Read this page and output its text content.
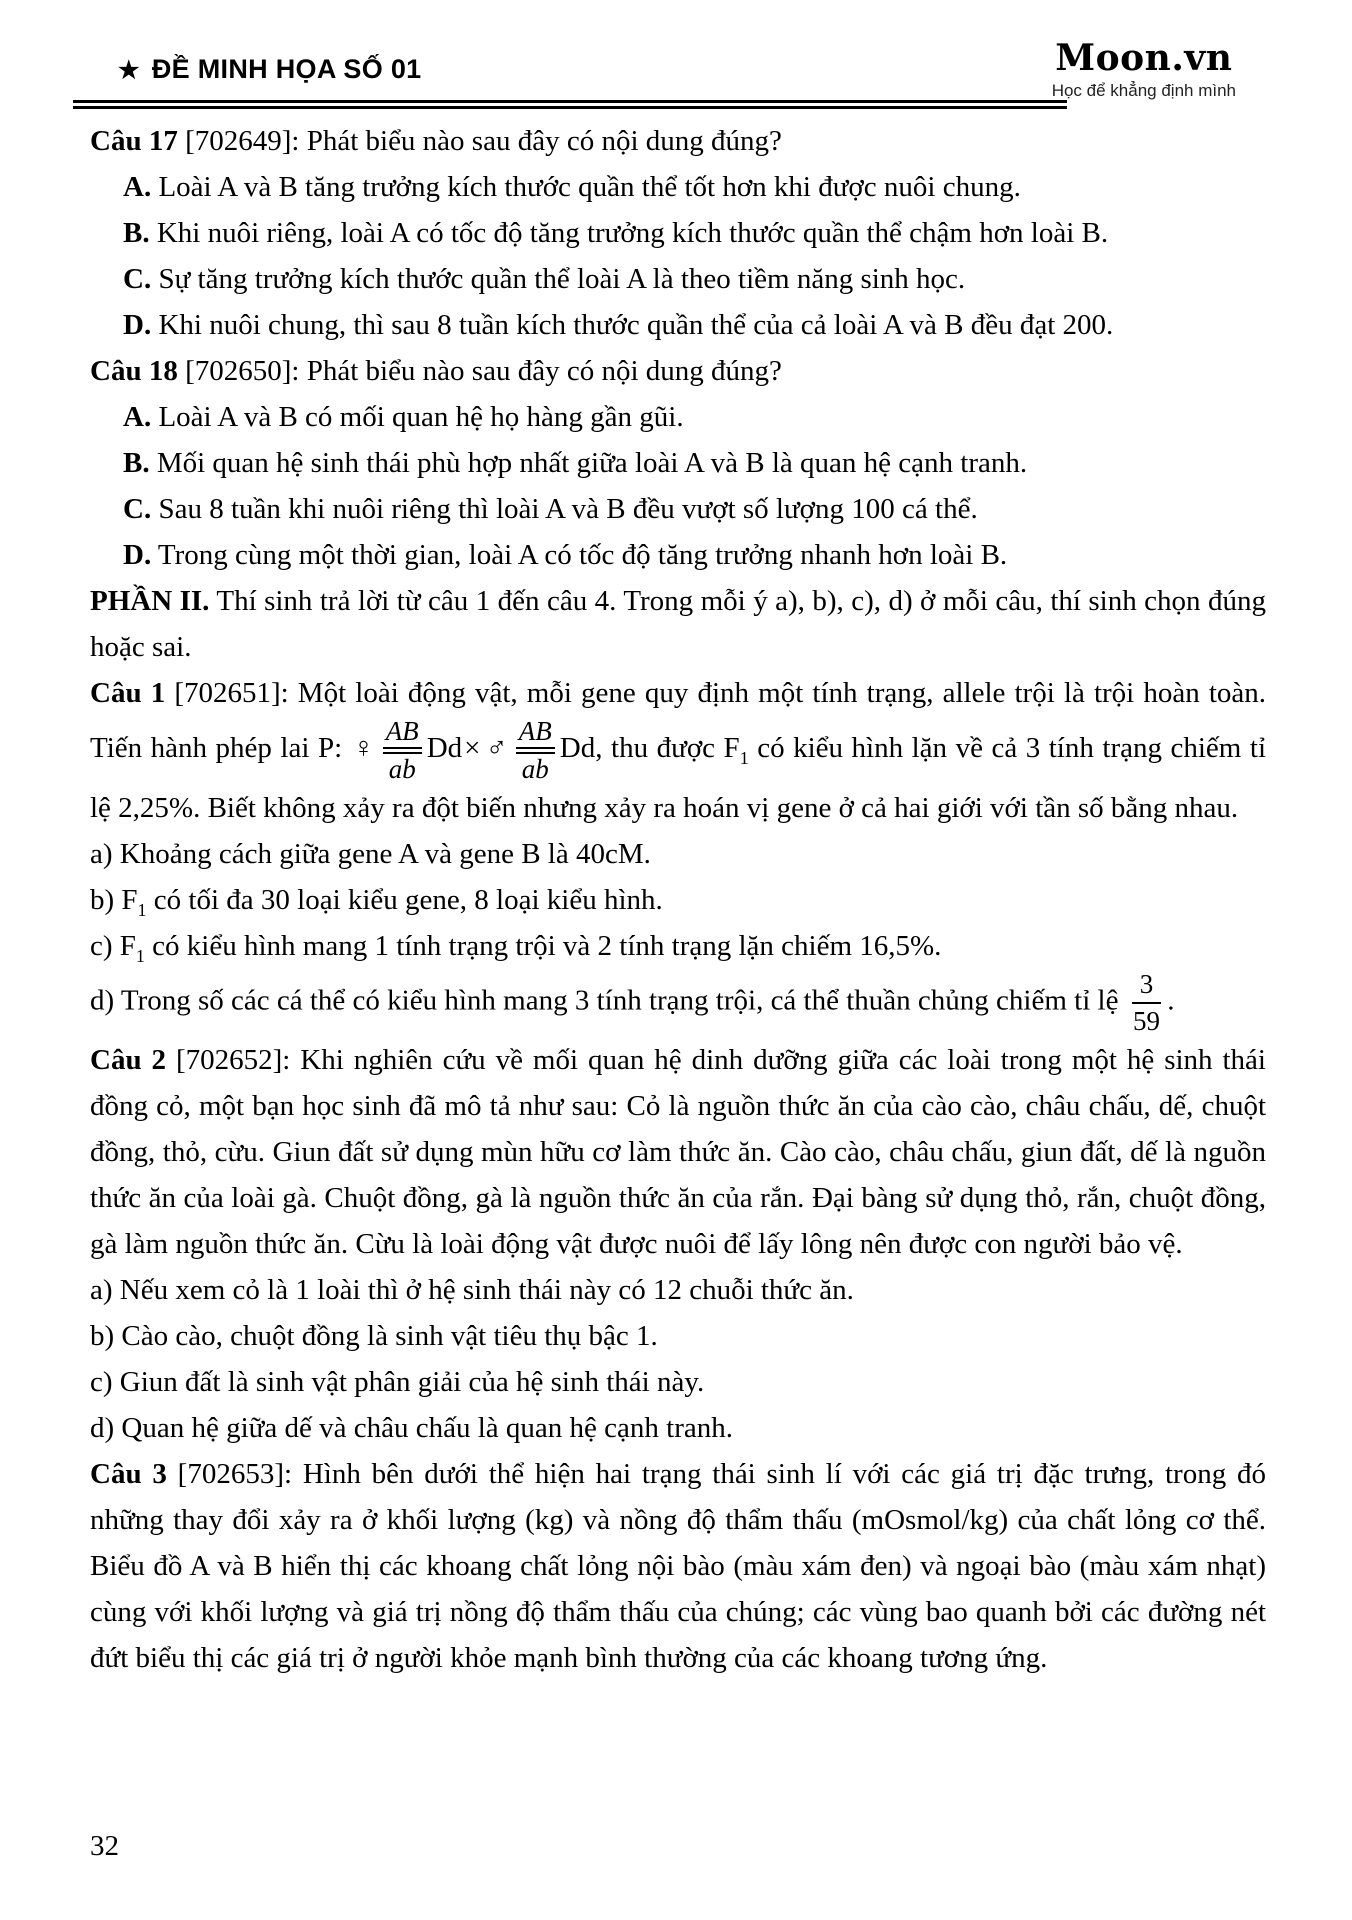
★ ĐỀ MINH HỌA SỐ 01	Moon.vn
Học để khẳng định mình

Câu 17 [702649]: Phát biểu nào sau đây có nội dung đúng?

A. Loài A và B tăng trưởng kích thước quần thể tốt hơn khi được nuôi chung.

B. Khi nuôi riêng, loài A có tốc độ tăng trưởng kích thước quần thể chậm hơn loài B.

C. Sự tăng trưởng kích thước quần thể loài A là theo tiềm năng sinh học.

D. Khi nuôi chung, thì sau 8 tuần kích thước quần thể của cả loài A và B đều đạt 200.

Câu 18 [702650]: Phát biểu nào sau đây có nội dung đúng?

A. Loài A và B có mối quan hệ họ hàng gần gũi.

B. Mối quan hệ sinh thái phù hợp nhất giữa loài A và B là quan hệ cạnh tranh.

C. Sau 8 tuần khi nuôi riêng thì loài A và B đều vượt số lượng 100 cá thể.

D. Trong cùng một thời gian, loài A có tốc độ tăng trưởng nhanh hơn loài B.

PHẦN II. Thí sinh trả lời từ câu 1 đến câu 4. Trong mỗi ý a), b), c), d) ở mỗi câu, thí sinh chọn đúng hoặc sai.

Câu 1 [702651]: Một loài động vật, mỗi gene quy định một tính trạng, allele trội là trội hoàn toàn. Tiến hành phép lai P: ♀
AB
ab
Dd× ♂
AB
ab
Dd, thu được $F_1$ có kiểu hình lặn về cả 3 tính trạng chiếm tỉ lệ 2,25%. Biết không xảy ra đột biến nhưng xảy ra hoán vị gene ở cả hai giới với tần số bằng nhau.

a) Khoảng cách giữa gene A và gene B là 40cM.

b) $F_1$ có tối đa 30 loại kiểu gene, 8 loại kiểu hình.

c) $F_1$ có kiểu hình mang 1 tính trạng trội và 2 tính trạng lặn chiếm 16,5%.

d) Trong số các cá thể có kiểu hình mang 3 tính trạng trội, cá thể thuần chủng chiếm tỉ lệ $\frac{3}{59}$ .

Câu 2 [702652]: Khi nghiên cứu về mối quan hệ dinh dưỡng giữa các loài trong một hệ sinh thái đồng cỏ, một bạn học sinh đã mô tả như sau: Cỏ là nguồn thức ăn của cào cào, châu chấu, dế, chuột đồng, thỏ, cừu. Giun đất sử dụng mùn hữu cơ làm thức ăn. Cào cào, châu chấu, giun đất, dế là nguồn thức ăn của loài gà. Chuột đồng, gà là nguồn thức ăn của rắn. Đại bàng sử dụng thỏ, rắn, chuột đồng, gà làm nguồn thức ăn. Cừu là loài động vật được nuôi để lấy lông nên được con người bảo vệ.

a) Nếu xem cỏ là 1 loài thì ở hệ sinh thái này có 12 chuỗi thức ăn.

b) Cào cào, chuột đồng là sinh vật tiêu thụ bậc 1.

c) Giun đất là sinh vật phân giải của hệ sinh thái này.

d) Quan hệ giữa dế và châu chấu là quan hệ cạnh tranh.

Câu 3 [702653]: Hình bên dưới thể hiện hai trạng thái sinh lí với các giá trị đặc trưng, trong đó những thay đổi xảy ra ở khối lượng (kg) và nồng độ thẩm thấu (mOsmol/kg) của chất lỏng cơ thể. Biểu đồ A và B hiển thị các khoang chất lỏng nội bào (màu xám đen) và ngoại bào (màu xám nhạt) cùng với khối lượng và giá trị nồng độ thẩm thấu của chúng; các vùng bao quanh bởi các đường nét đứt biểu thị các giá trị ở người khỏe mạnh bình thường của các khoang tương ứng.

32
